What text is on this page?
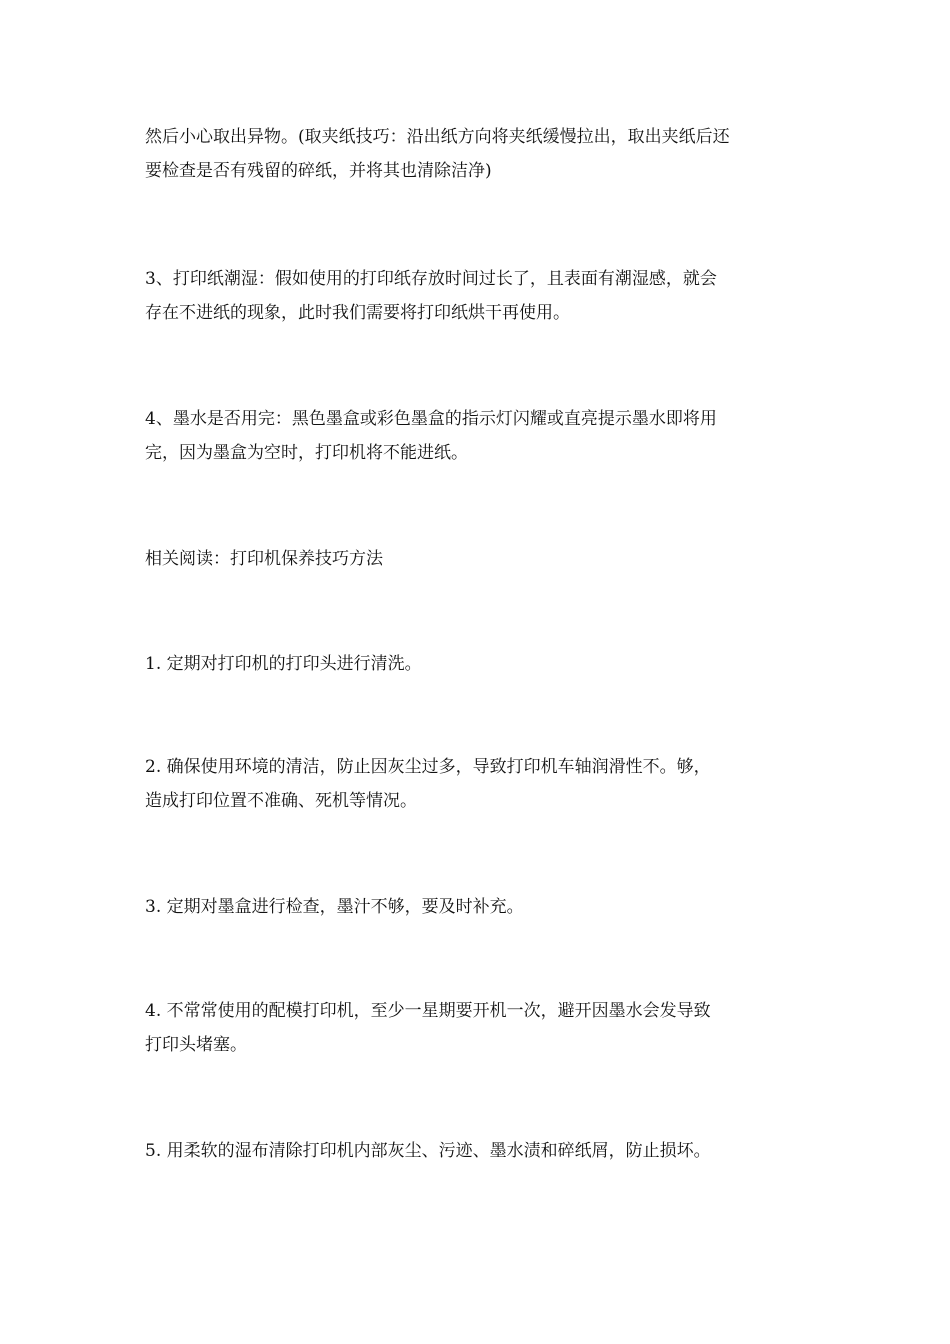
然后小心取出异物。(取夹纸技巧：沿出纸方向将夹纸缓慢拉出，取出夹纸后还
要检查是否有残留的碎纸，并将其也清除洁净)

3、打印纸潮湿：假如使用的打印纸存放时间过长了，且表面有潮湿感，就会
存在不进纸的现象，此时我们需要将打印纸烘干再使用。

4、墨水是否用完：黑色墨盒或彩色墨盒的指示灯闪耀或直亮提示墨水即将用
完，因为墨盒为空时，打印机将不能进纸。

相关阅读：打印机保养技巧方法

1. 定期对打印机的打印头进行清洗。

2. 确保使用环境的清洁，防止因灰尘过多，导致打印机车轴润滑性不。够，
造成打印位置不准确、死机等情况。

3. 定期对墨盒进行检查，墨汁不够，要及时补充。

4. 不常常使用的配模打印机，至少一星期要开机一次，避开因墨水会发导致
打印头堵塞。

5. 用柔软的湿布清除打印机内部灰尘、污迹、墨水渍和碎纸屑，防止损坏。
